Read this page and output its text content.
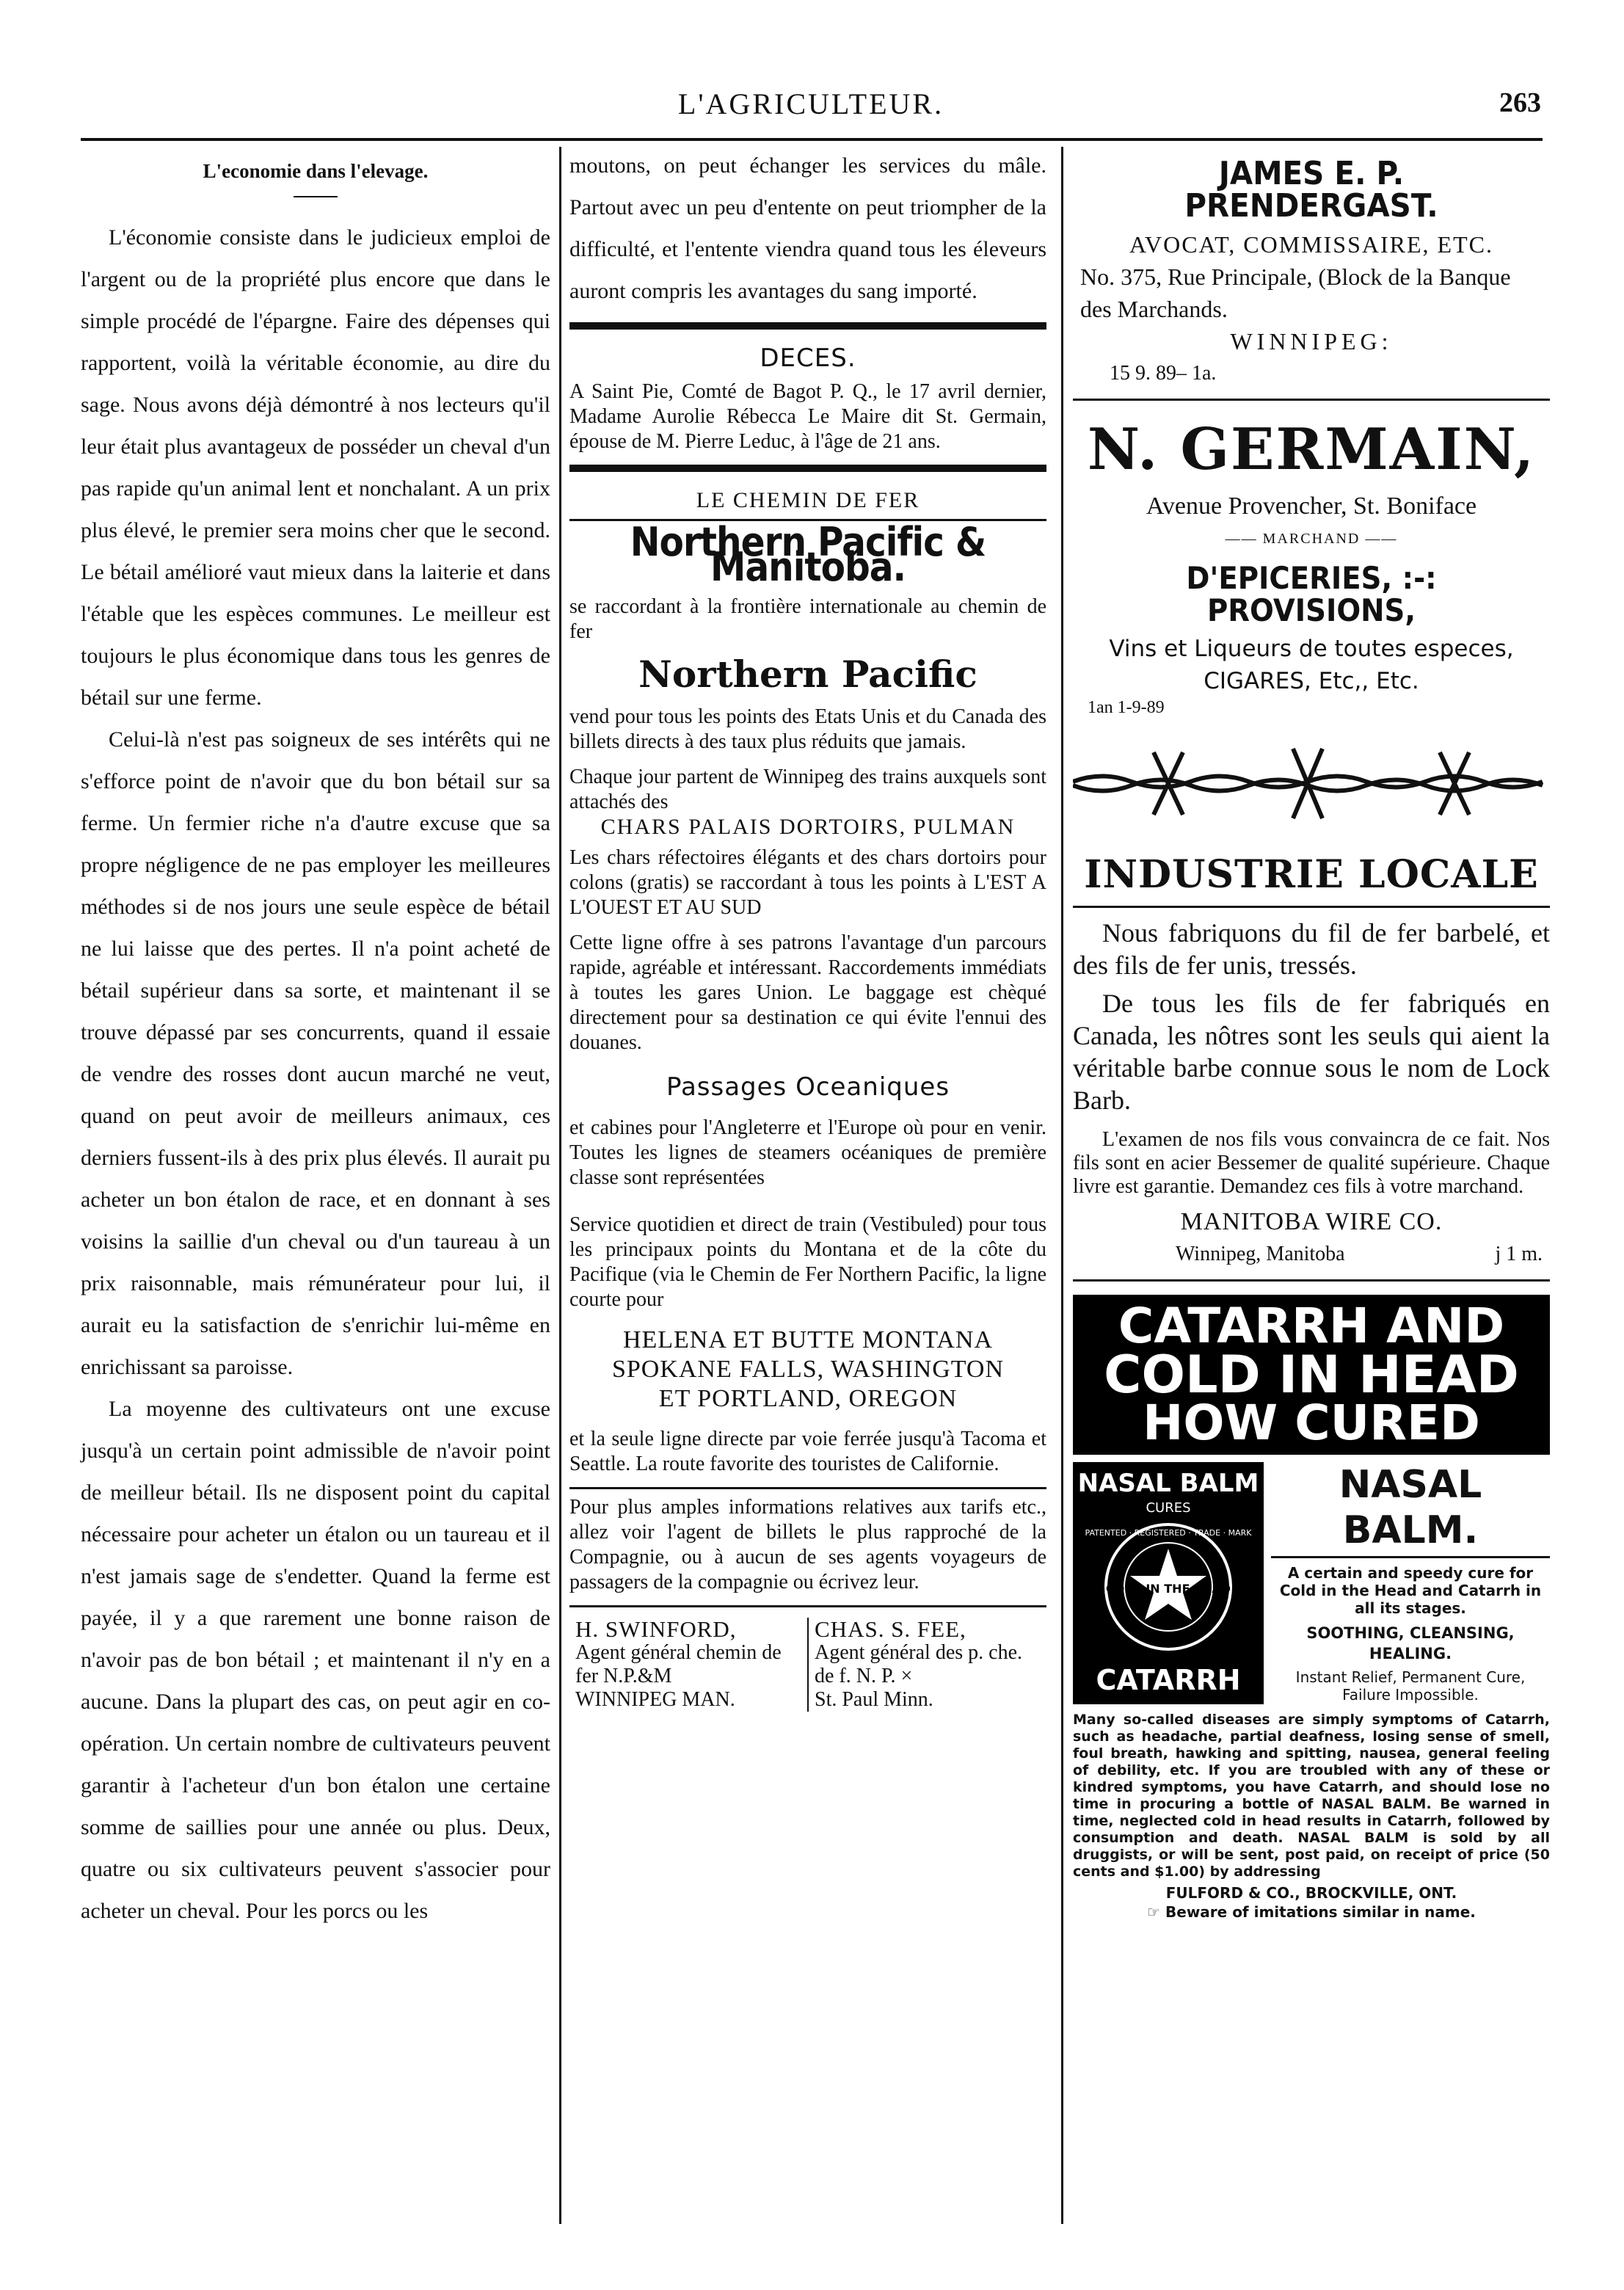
L'AGRICULTEUR.	263

L'economie dans l'elevage.

L'économie consiste dans le judicieux emploi de l'argent ou de la propriété plus encore que dans le simple procédé de l'épargne. Faire des dépenses qui rapportent, voilà la véritable économie, au dire du sage. Nous avons déjà démontré à nos lecteurs qu'il leur était plus avantageux de posséder un cheval d'un pas rapide qu'un animal lent et nonchalant. A un prix plus élevé, le premier sera moins cher que le second. Le bétail amélioré vaut mieux dans la laiterie et dans l'étable que les espèces communes. Le meilleur est toujours le plus économique dans tous les genres de bétail sur une ferme.

Celui-là n'est pas soigneux de ses intérêts qui ne s'efforce point de n'avoir que du bon bétail sur sa ferme. Un fermier riche n'a d'autre excuse que sa propre négligence de ne pas employer les meilleures méthodes si de nos jours une seule espèce de bétail ne lui laisse que des pertes. Il n'a point acheté de bétail supérieur dans sa sorte, et maintenant il se trouve dépassé par ses concurrents, quand il essaie de vendre des rosses dont aucun marché ne veut, quand on peut avoir de meilleurs animaux, ces derniers fussent-ils à des prix plus élevés. Il aurait pu acheter un bon étalon de race, et en donnant à ses voisins la saillie d'un cheval ou d'un taureau à un prix raisonnable, mais rémunérateur pour lui, il aurait eu la satisfaction de s'enrichir lui-même en enrichissant sa paroisse.

La moyenne des cultivateurs ont une excuse jusqu'à un certain point admissible de n'avoir point de meilleur bétail. Ils ne disposent point du capital nécessaire pour acheter un étalon ou un taureau et il n'est jamais sage de s'endetter. Quand la ferme est payée, il y a que rarement une bonne raison de n'avoir pas de bon bétail ; et maintenant il n'y en a aucune. Dans la plupart des cas, on peut agir en co-opération. Un certain nombre de cultivateurs peuvent garantir à l'acheteur d'un bon étalon une certaine somme de saillies pour une année ou plus. Deux, quatre ou six cultivateurs peuvent s'associer pour acheter un cheval. Pour les porcs ou les

moutons, on peut échanger les services du mâle. Partout avec un peu d'entente on peut triompher de la difficulté, et l'entente viendra quand tous les éleveurs auront compris les avantages du sang importé.

DECES.

A Saint Pie, Comté de Bagot P. Q., le 17 avril dernier, Madame Aurolie Rébecca Le Maire dit St. Germain, épouse de M. Pierre Leduc, à l'âge de 21 ans.

LE CHEMIN DE FER
Northern Pacific & Manitoba.

se raccordant à la frontière internationale au chemin de fer

Northern Pacific

vend pour tous les points des Etats Unis et du Canada des billets directs à des taux plus réduits que jamais.

Chaque jour partent de Winnipeg des trains auxquels sont attachés des

CHARS PALAIS DORTOIRS, PULMAN

Les chars réfectoires élégants et des chars dortoirs pour colons (gratis) se raccordant à tous les points à L'EST A L'OUEST ET AU SUD

Cette ligne offre à ses patrons l'avantage d'un parcours rapide, agréable et intéressant. Raccordements immédiats à toutes les gares Union. Le baggage est chèqué directement pour sa destination ce qui évite l'ennui des douanes.

Passages Oceaniques

et cabines pour l'Angleterre et l'Europe où pour en venir. Toutes les lignes de steamers océaniques de première classe sont représentées

Service quotidien et direct de train (Vestibuled) pour tous les principaux points du Montana et de la côte du Pacifique (via le Chemin de Fer Northern Pacific, la ligne courte pour

HELENA ET BUTTE MONTANA
SPOKANE FALLS, WASHINGTON
ET PORTLAND, OREGON

et la seule ligne directe par voie ferrée jusqu'à Tacoma et Seattle. La route favorite des touristes de Californie.

Pour plus amples informations relatives aux tarifs etc., allez voir l'agent de billets le plus rapproché de la Compagnie, ou à aucun de ses agents voyageurs de passagers de la compagnie ou écrivez leur.

H. SWINFORD,
Agent général chemin de fer N.P.&M
WINNIPEG MAN.
CHAS. S. FEE,
Agent général des p. che. de f. N. P. ×
St. Paul Minn.
JAMES E. P. PRENDERGAST.
AVOCAT, COMMISSAIRE, ETC.
No. 375, Rue Principale, (Block de la Banque des Marchands.
WINNIPEG:
15 9. 89– 1a.
N. GERMAIN,
Avenue Provencher, St. Boniface
—— MARCHAND ——
D'EPICERIES, :-: PROVISIONS,
Vins et Liqueurs de toutes especes,
CIGARES, Etc,, Etc.
1an 1-9-89
INDUSTRIE LOCALE

Nous fabriquons du fil de fer barbelé, et des fils de fer unis, tressés.

De tous les fils de fer fabriqués en Canada, les nôtres sont les seuls qui aient la véritable barbe connue sous le nom de Lock Barb.

L'examen de nos fils vous convaincra de ce fait. Nos fils sont en acier Bessemer de qualité supérieure. Chaque livre est garantie. Demandez ces fils à votre marchand.

MANITOBA WIRE CO.
Winnipeg, Manitoba	j 1 m.
CATARRH AND
COLD IN HEAD
HOW CURED
NASAL BALM
CURES
COLD IN THE HEAD
PATENTED · REGISTERED · TRADE · MARK
CATARRH
NASAL BALM.
A certain and speedy cure for Cold in the Head and Catarrh in all its stages.
SOOTHING, CLEANSING, HEALING.
Instant Relief, Permanent Cure, Failure Impossible.

Many so-called diseases are simply symptoms of Catarrh, such as headache, partial deafness, losing sense of smell, foul breath, hawking and spitting, nausea, general feeling of debility, etc. If you are troubled with any of these or kindred symptoms, you have Catarrh, and should lose no time in procuring a bottle of NASAL BALM. Be warned in time, neglected cold in head results in Catarrh, followed by consumption and death. NASAL BALM is sold by all druggists, or will be sent, post paid, on receipt of price (50 cents and $1.00) by addressing

FULFORD & CO., BROCKVILLE, ONT.
☞ Beware of imitations similar in name.
